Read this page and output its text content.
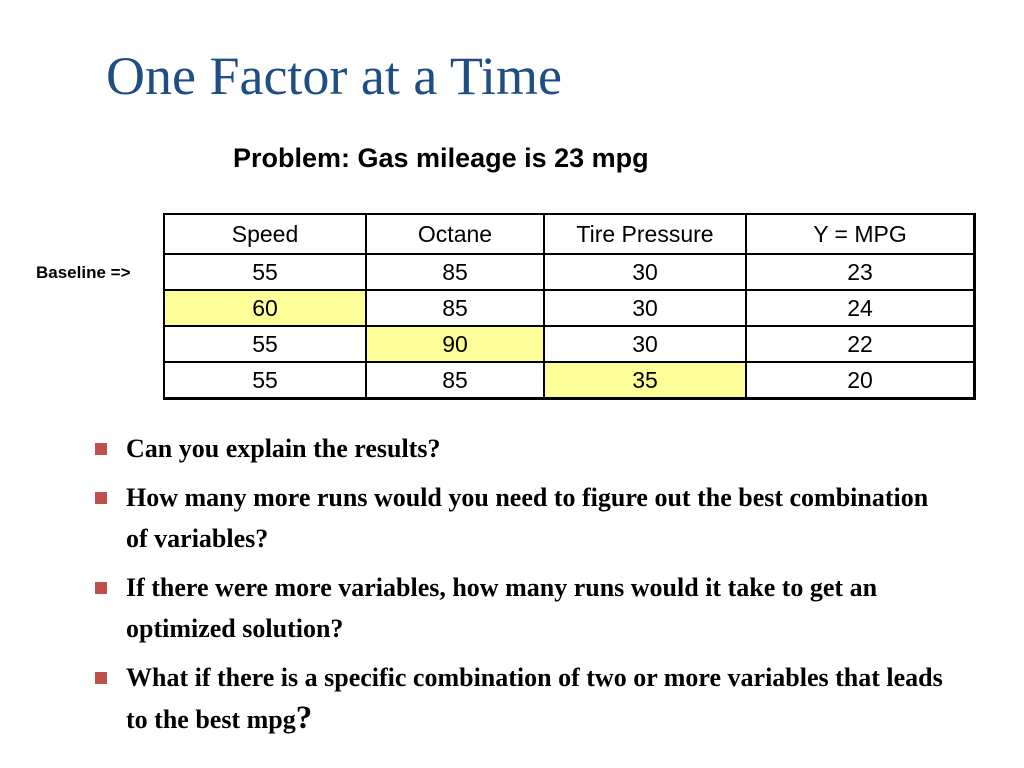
One Factor at a Time
Problem: Gas mileage is 23 mpg
Baseline =>
Speed	Octane	Tire Pressure	Y = MPG
55	85	30	23
60	85	30	24
55	90	30	22
55	85	35	20
Can you explain the results?
How many more runs would you need to figure out the best combination of variables?
If there were more variables, how many runs would it take to get an optimized solution?
What if there is a specific combination of two or more variables that leads to the best mpg?
